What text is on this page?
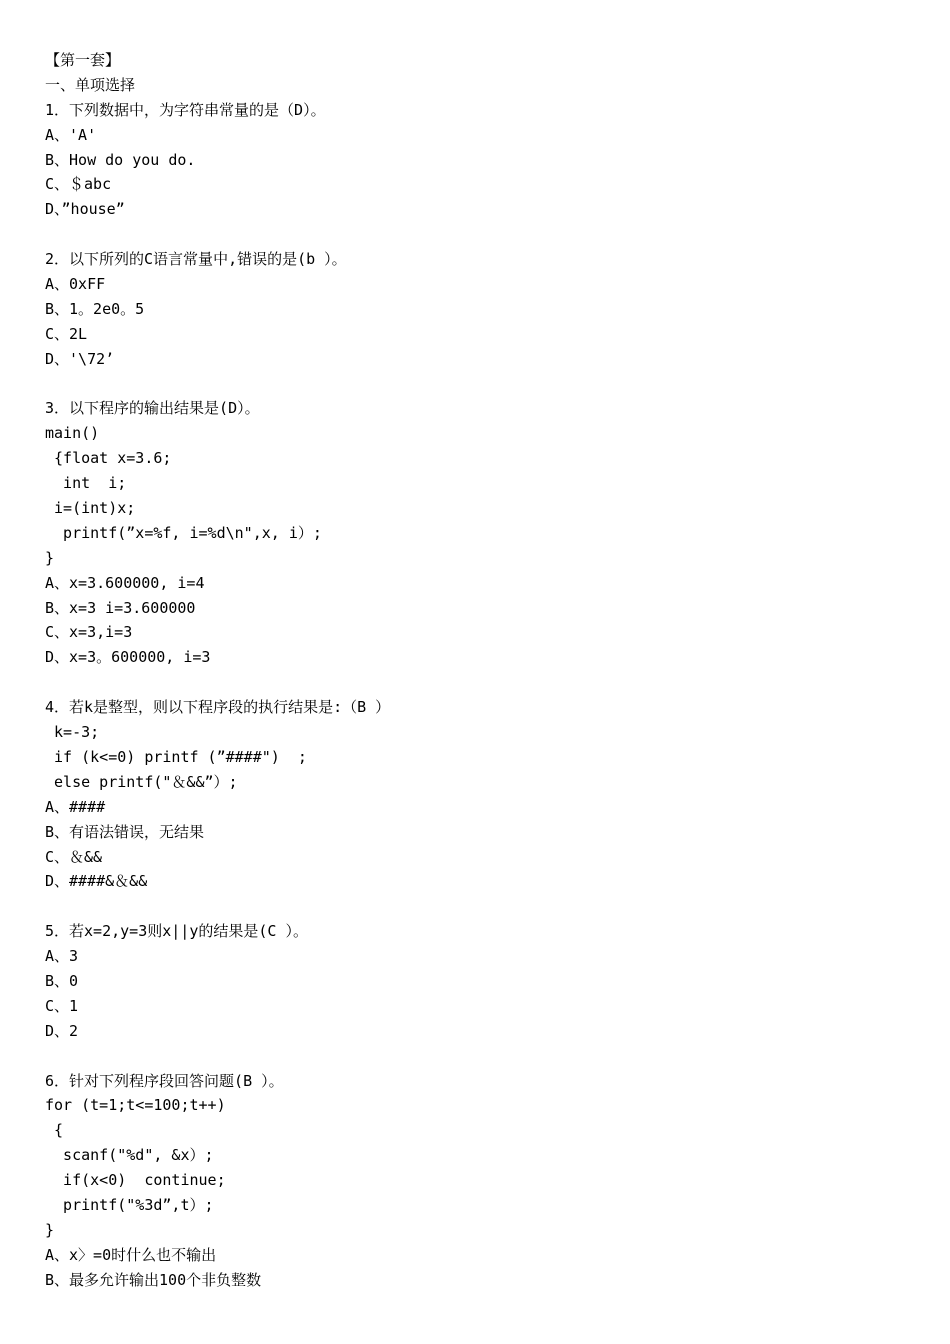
【第一套】
一、单项选择
1．下列数据中，为字符串常量的是（D）。
A、'A'
B、How do you do.
C、＄abc
D、”house”
2．以下所列的C语言常量中,错误的是(b ）。
A、0xFF
B、1。2e0。5
C、2L
D、'\72’
3．以下程序的输出结果是(D）。
main()
{float x=3.6;
int  i;
i=(int)x;
printf(”x=%f, i=%d\n",x, i）;
}
A、x=3.600000, i=4
B、x=3 i=3.600000
C、x=3,i=3
D、x=3。600000, i=3
4．若k是整型，则以下程序段的执行结果是:（B ）
k=-3;
if (k<=0) printf (”####")  ;
else printf("＆&&”）;
A、####
B、有语法错误，无结果
C、＆&&
D、####&＆&&
5．若x=2,y=3则x||y的结果是(C ）。
A、3
B、0
C、1
D、2
6．针对下列程序段回答问题(B ）。
for (t=1;t<=100;t++)
{
scanf("%d", &x）;
if(x<0)  continue;
printf("%3d”,t）;
}
A、x〉=0时什么也不输出
B、最多允许输出100个非负整数
